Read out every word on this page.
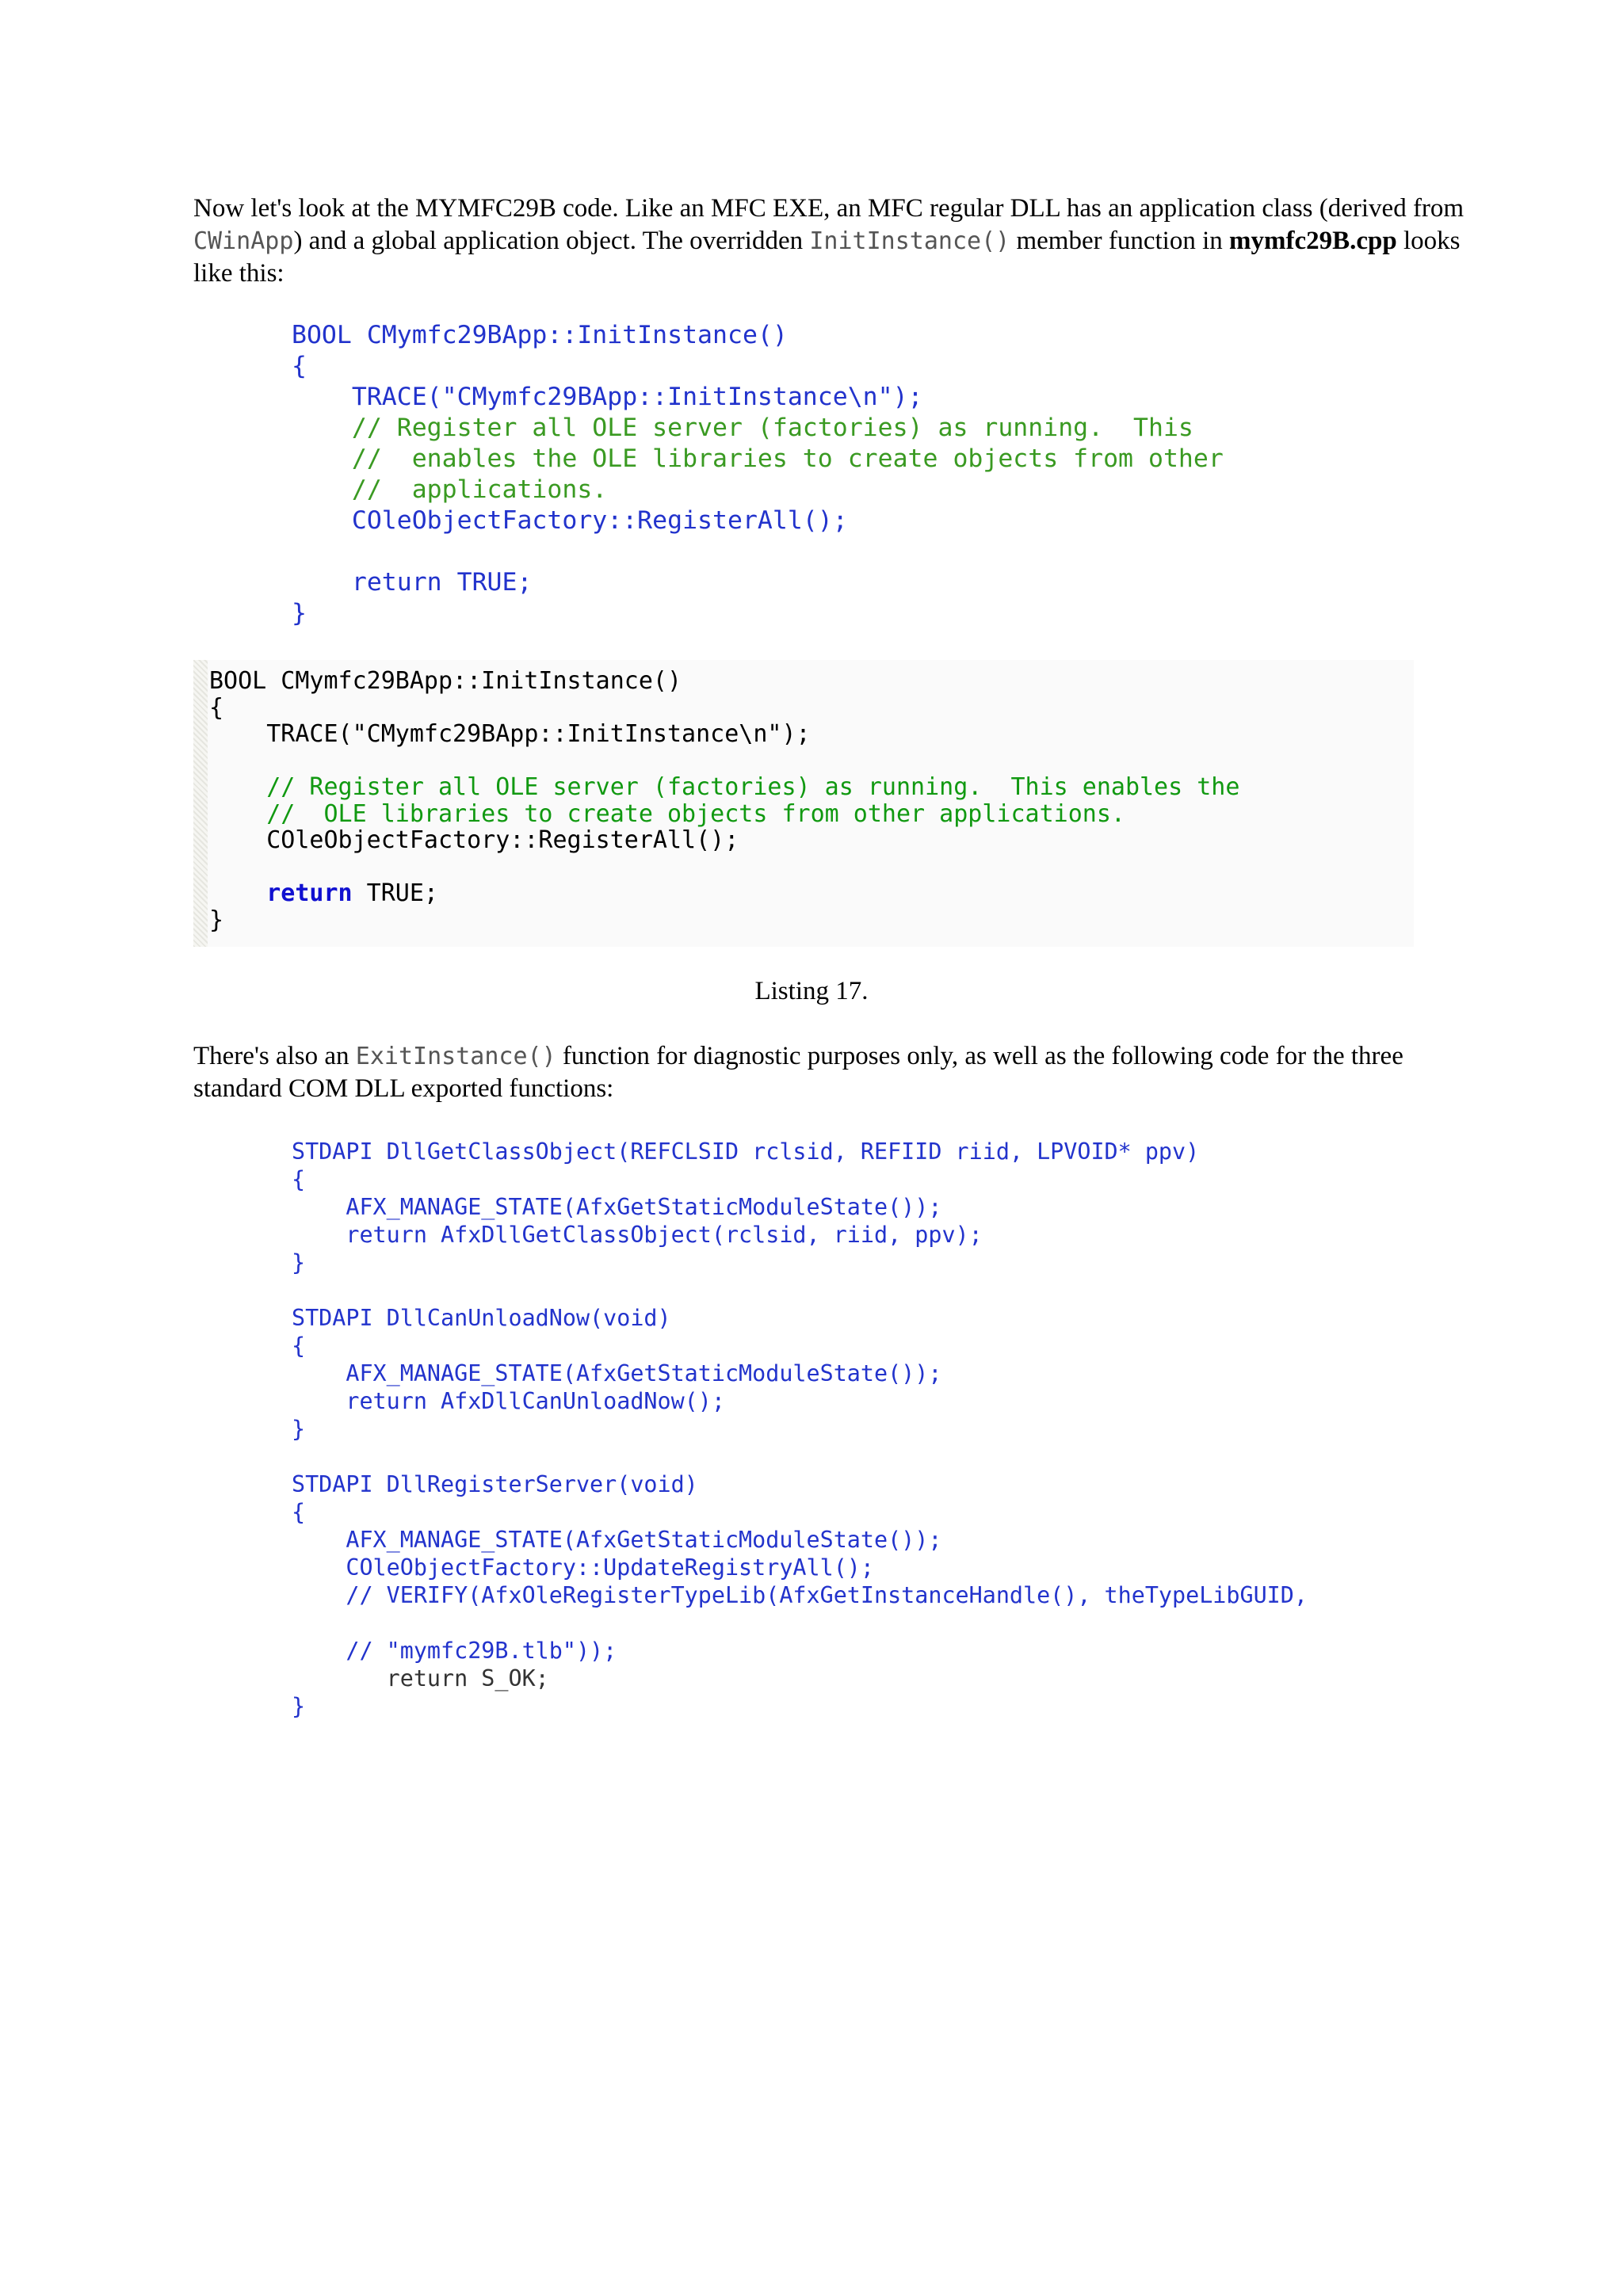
Now let's look at the MYMFC29B code. Like an MFC EXE, an MFC regular DLL has an application class (derived from CWinApp) and a global application object. The overridden InitInstance() member function in mymfc29B.cpp looks like this:

BOOL CMymfc29BApp::InitInstance()
{
TRACE("CMymfc29BApp::InitInstance\n");
// Register all OLE server (factories) as running.  This
//  enables the OLE libraries to create objects from other
//  applications.
COleObjectFactory::RegisterAll();

return TRUE;
}
BOOL CMymfc29BApp::InitInstance()
{
TRACE("CMymfc29BApp::InitInstance\n");

// Register all OLE server (factories) as running.  This enables the
//  OLE libraries to create objects from other applications.
COleObjectFactory::RegisterAll();

return TRUE;
}
Listing 17.

There's also an ExitInstance() function for diagnostic purposes only, as well as the following code for the three standard COM DLL exported functions:

STDAPI DllGetClassObject(REFCLSID rclsid, REFIID riid, LPVOID* ppv)
{
AFX_MANAGE_STATE(AfxGetStaticModuleState());
return AfxDllGetClassObject(rclsid, riid, ppv);
}

STDAPI DllCanUnloadNow(void)
{
AFX_MANAGE_STATE(AfxGetStaticModuleState());
return AfxDllCanUnloadNow();
}

STDAPI DllRegisterServer(void)
{
AFX_MANAGE_STATE(AfxGetStaticModuleState());
COleObjectFactory::UpdateRegistryAll();
// VERIFY(AfxOleRegisterTypeLib(AfxGetInstanceHandle(), theTypeLibGUID,

// "mymfc29B.tlb"));
return S_OK;
}
